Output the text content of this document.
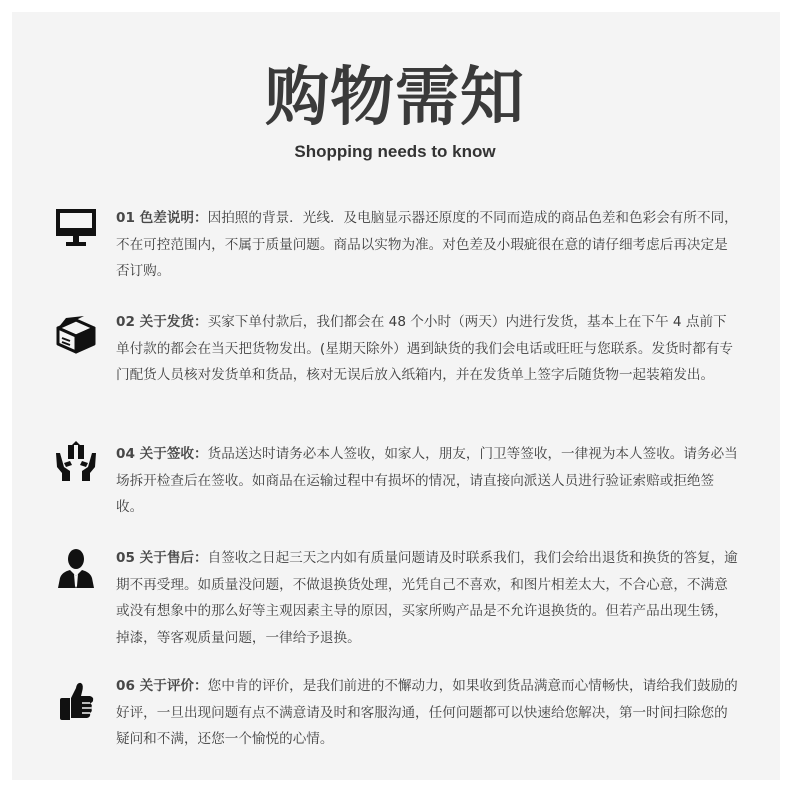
购物需知
Shopping needs to know
01 色差说明：因拍照的背景．光线．及电脑显示器还原度的不同而造成的商品色差和色彩会有所不同，不在可控范围内，不属于质量问题。商品以实物为准。对色差及小瑕疵很在意的请仔细考虑后再决定是否订购。
02 关于发货：买家下单付款后，我们都会在 48 个小时（两天）内进行发货，基本上在下午 4 点前下单付款的都会在当天把货物发出。(星期天除外）遇到缺货的我们会电话或旺旺与您联系。发货时都有专门配货人员核对发货单和货品，核对无误后放入纸箱内，并在发货单上签字后随货物一起装箱发出。
04 关于签收：货品送达时请务必本人签收，如家人，朋友，门卫等签收，一律视为本人签收。请务必当场拆开检查后在签收。如商品在运输过程中有损坏的情况，请直接向派送人员进行验证索赔或拒绝签收。
05 关于售后：自签收之日起三天之内如有质量问题请及时联系我们，我们会给出退货和换货的答复，逾期不再受理。如质量没问题，不做退换货处理，光凭自己不喜欢，和图片相差太大，不合心意，不满意或没有想象中的那么好等主观因素主导的原因，买家所购产品是不允许退换货的。但若产品出现生锈，掉漆，等客观质量问题，一律给予退换。
06 关于评价：您中肯的评价，是我们前进的不懈动力，如果收到货品满意而心情畅快，请给我们鼓励的好评，一旦出现问题有点不满意请及时和客服沟通，任何问题都可以快速给您解决，第一时间扫除您的疑问和不满，还您一个愉悦的心情。
